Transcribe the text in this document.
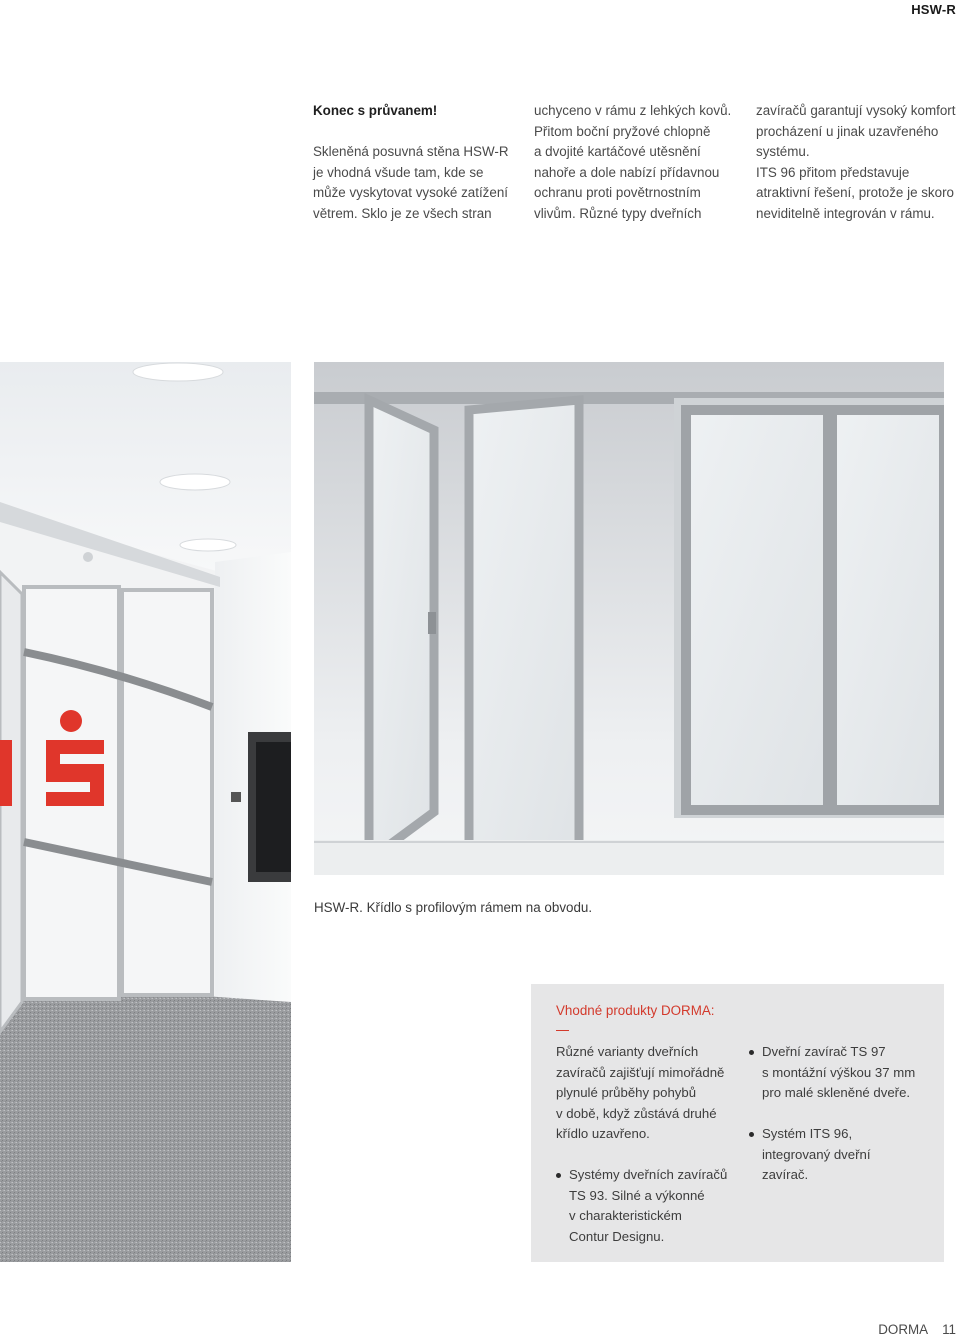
HSW-R
Konec s průvanem!
Skleněná posuvná stěna HSW-R
je vhodná všude tam, kde se
může vyskytovat vysoké zatížení
větrem. Sklo je ze všech stran
uchyceno v rámu z lehkých kovů.
Přitom boční pryžové chlopně
a dvojité kartáčové utěsnění
nahoře a dole nabízí přídavnou
ochranu proti povětrnostním
vlivům. Různé typy dveřních
zavíračů garantují vysoký komfort
procházení u jinak uzavřeného
systému.
ITS 96 přitom představuje
atraktivní řešení, protože je skoro
neviditelně integrován v rámu.
HSW-R. Křídlo s profilovým rámem na obvodu.
Vhodné produkty DORMA:
Různé varianty dveřních
zavíračů zajišťují mimořádně
plynulé průběhy pohybů
v době, když zůstává druhé
křídlo uzavřeno.
Systémy dveřních zavíračů
TS 93. Silné a výkonné
v charakteristickém
Contur Designu.
Dveřní zavírač TS 97
s montážní výškou 37 mm
pro malé skleněné dveře.
Systém ITS 96,
integrovaný dveřní
zavírač.
DORMA 11
